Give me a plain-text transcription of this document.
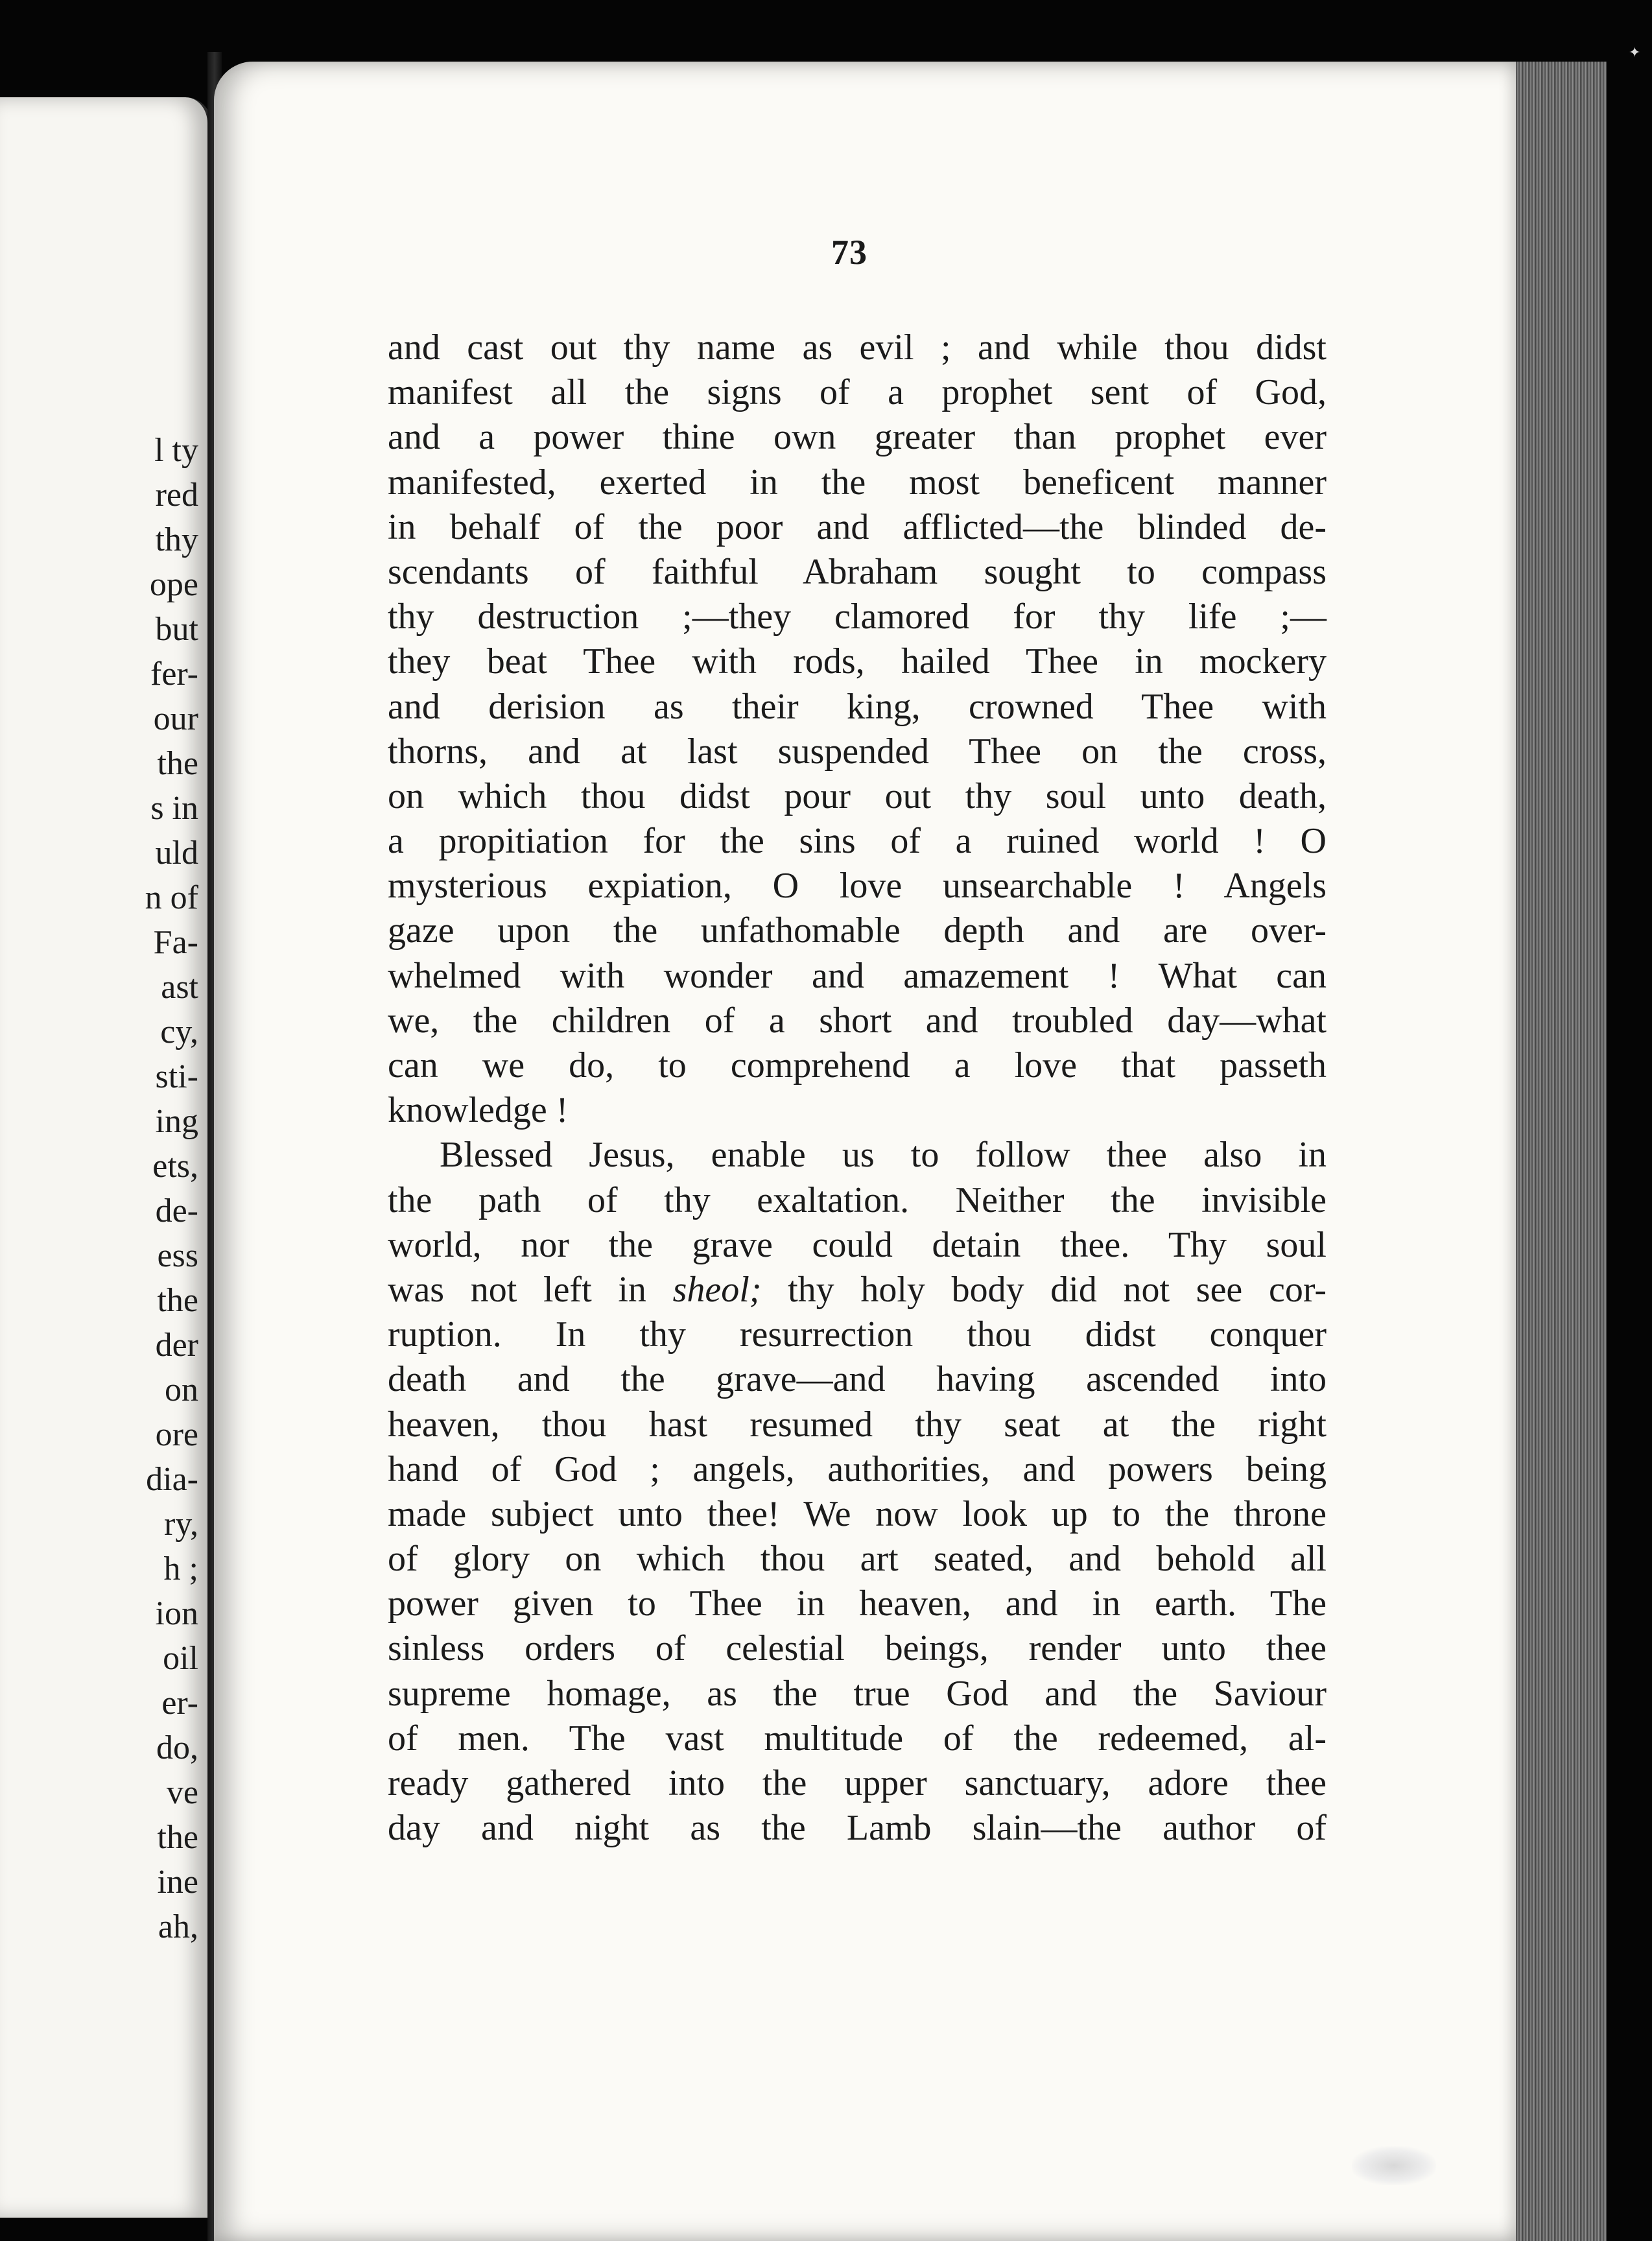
l ty
red
thy
ope
but
fer-
our
the
s in
uld
n of
Fa-
ast
cy,
sti-
ing
ets,
de-
ess
the
der
on
ore
dia-
ry,
h ;
ion
oil
er-
do,
ve
the
ine
ah,
✦
73
and cast out thy name as evil ; and while thou didst
manifest all the signs of a prophet sent of God,
and a power thine own greater than prophet ever
manifested, exerted in the most beneficent manner
in behalf of the poor and afflicted—the blinded de-
scendants of faithful Abraham sought to compass
thy destruction ;—they clamored for thy life ;—
they beat Thee with rods, hailed Thee in mockery
and derision as their king, crowned Thee with
thorns, and at last suspended Thee on the cross,
on which thou didst pour out thy soul unto death,
a propitiation for the sins of a ruined world ! O
mysterious expiation, O love unsearchable ! Angels
gaze upon the unfathomable depth and are over-
whelmed with wonder and amazement ! What can
we, the children of a short and troubled day—what
can we do, to comprehend a love that passeth
knowledge !
Blessed Jesus, enable us to follow thee also in
the path of thy exaltation. Neither the invisible
world, nor the grave could detain thee. Thy soul
was not left in sheol; thy holy body did not see cor-
ruption. In thy resurrection thou didst conquer
death and the grave—and having ascended into
heaven, thou hast resumed thy seat at the right
hand of God ; angels, authorities, and powers being
made subject unto thee! We now look up to the throne
of glory on which thou art seated, and behold all
power given to Thee in heaven, and in earth. The
sinless orders of celestial beings, render unto thee
supreme homage, as the true God and the Saviour
of men. The vast multitude of the redeemed, al-
ready gathered into the upper sanctuary, adore thee
day and night as the Lamb slain—the author of
